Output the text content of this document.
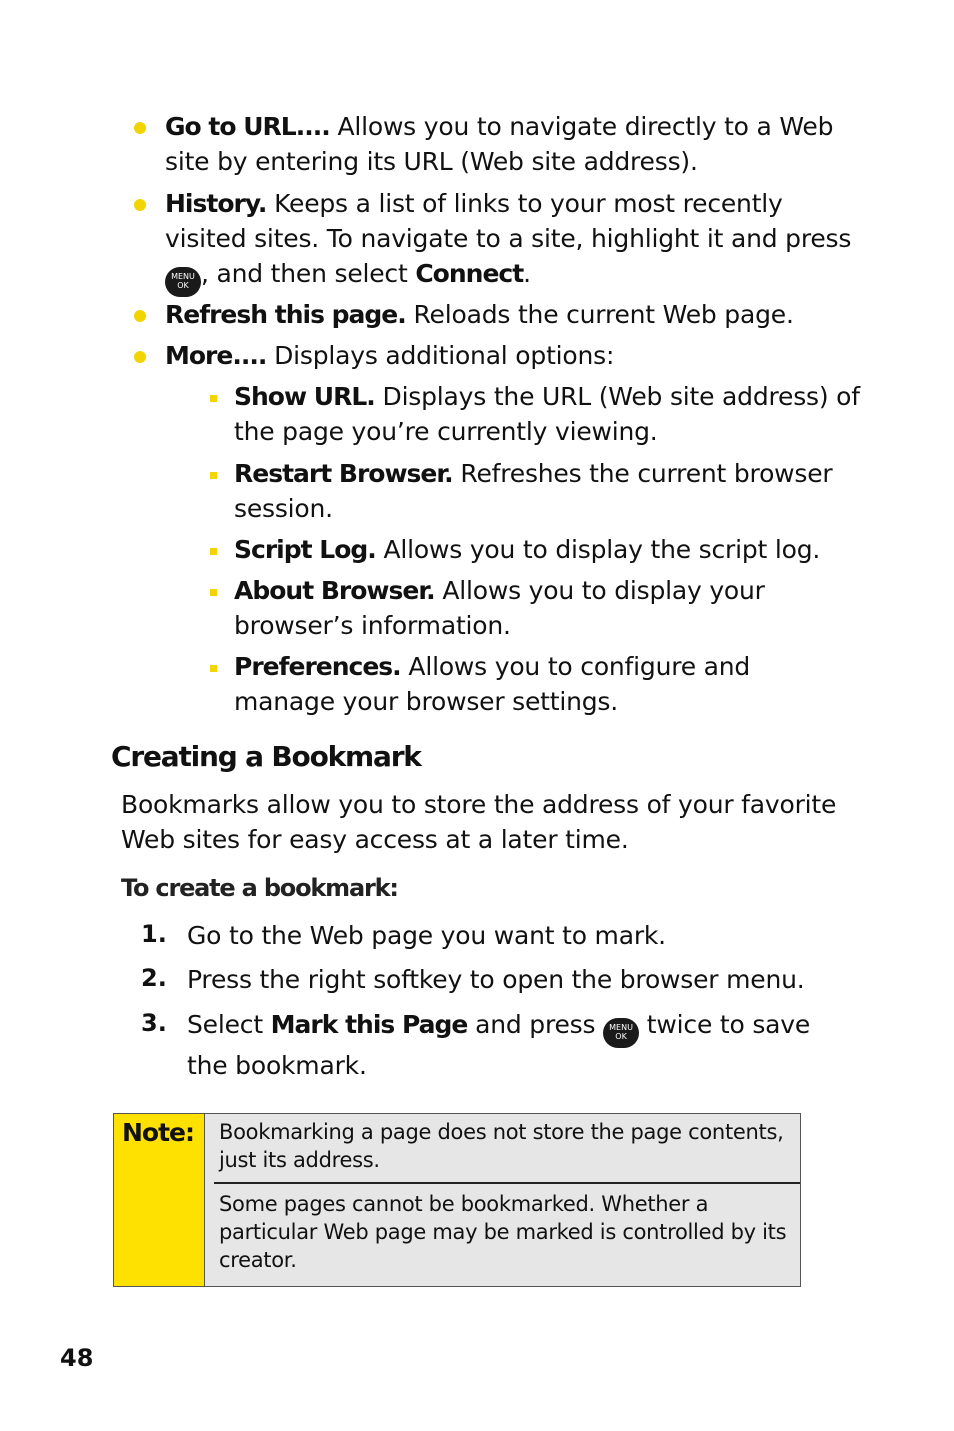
Go to URL.... Allows you to navigate directly to a Web site by entering its URL (Web site address).
History. Keeps a list of links to your most recently visited sites. To navigate to a site, highlight it and press
MENU
OK , and then select Connect.
Refresh this page. Reloads the current Web page.
More.... Displays additional options:
Show URL. Displays the URL (Web site address) of the page you’re currently viewing.
Restart Browser. Refreshes the current browser session.
Script Log. Allows you to display the script log.
About Browser. Allows you to display your browser’s information.
Preferences. Allows you to configure and manage your browser settings.
Creating a Bookmark
Bookmarks allow you to store the address of your favorite Web sites for easy access at a later time.
To create a bookmark:
1. Go to the Web page you want to mark.
2. Press the right softkey to open the browser menu.
3. Select Mark this Page and press MENU
OK twice to save the bookmark.
Note: Bookmarking a page does not store the page contents, just its address.
Some pages cannot be bookmarked. Whether a particular Web page may be marked is controlled by its creator.
48
